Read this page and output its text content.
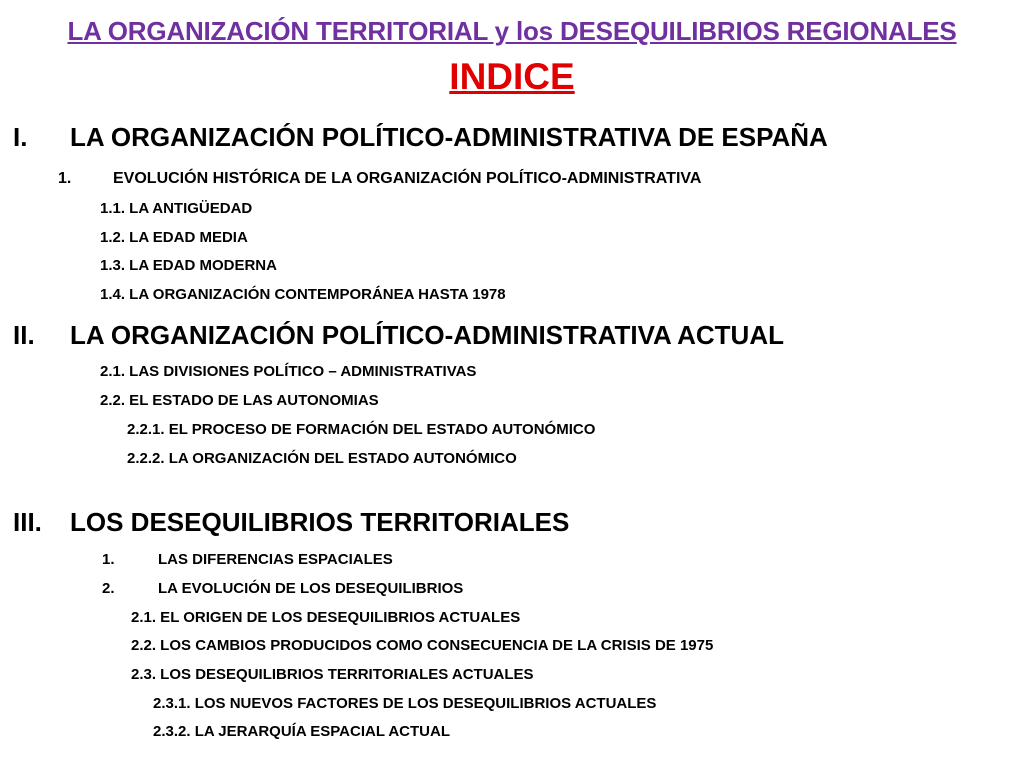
LA ORGANIZACIÓN TERRITORIAL y los DESEQUILIBRIOS REGIONALES
INDICE
I. LA ORGANIZACIÓN POLÍTICO-ADMINISTRATIVA DE ESPAÑA
1.	EVOLUCIÓN HISTÓRICA DE LA ORGANIZACIÓN POLÍTICO-ADMINISTRATIVA
1.1. LA ANTIGÜEDAD
1.2. LA EDAD MEDIA
1.3. LA EDAD MODERNA
1.4. LA ORGANIZACIÓN CONTEMPORÁNEA HASTA 1978
II. LA ORGANIZACIÓN POLÍTICO-ADMINISTRATIVA ACTUAL
2.1. LAS DIVISIONES POLÍTICO – ADMINISTRATIVAS
2.2. EL ESTADO DE LAS AUTONOMIAS
2.2.1. EL PROCESO DE FORMACIÓN DEL ESTADO AUTONÓMICO
2.2.2. LA ORGANIZACIÓN DEL ESTADO AUTONÓMICO
III. LOS DESEQUILIBRIOS TERRITORIALES
1.	LAS DIFERENCIAS ESPACIALES
2.	LA EVOLUCIÓN DE LOS DESEQUILIBRIOS
2.1. EL ORIGEN DE LOS DESEQUILIBRIOS ACTUALES
2.2. LOS CAMBIOS PRODUCIDOS COMO CONSECUENCIA DE LA CRISIS DE 1975
2.3. LOS DESEQUILIBRIOS TERRITORIALES ACTUALES
2.3.1. LOS NUEVOS FACTORES DE LOS DESEQUILIBRIOS ACTUALES
2.3.2. LA JERARQUÍA ESPACIAL ACTUAL
